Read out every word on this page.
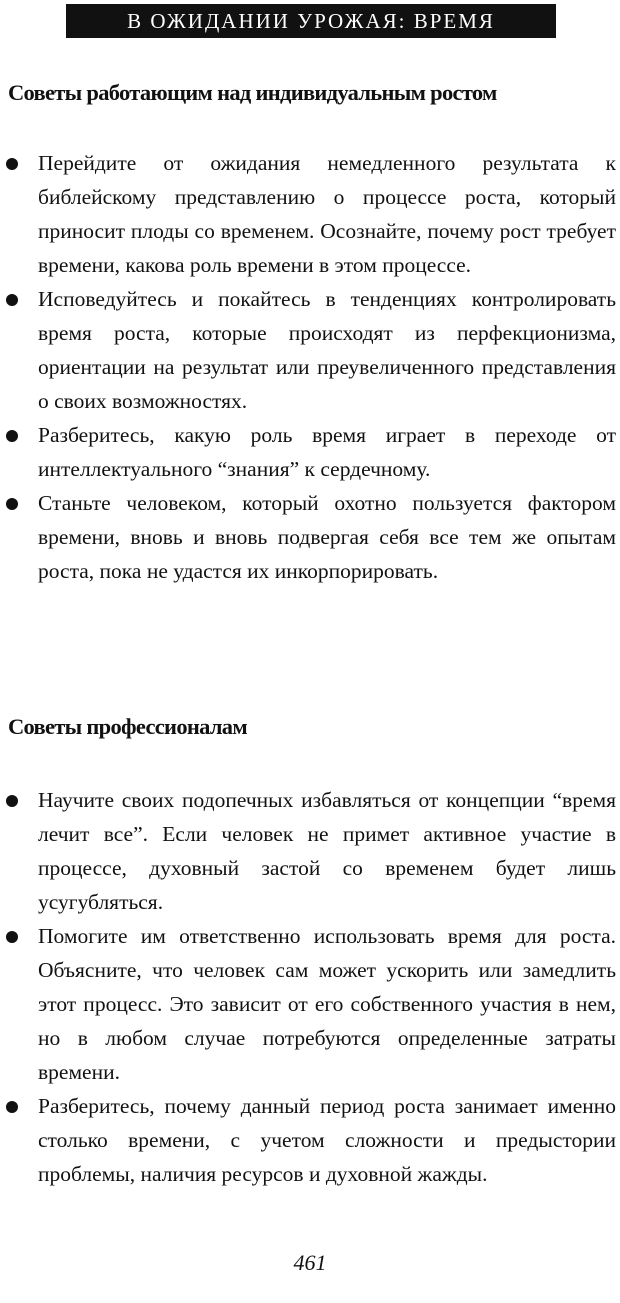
В ОЖИДАНИИ УРОЖАЯ: ВРЕМЯ
Советы работающим над индивидуальным ростом
Перейдите от ожидания немедленного результата к библейскому представлению о процессе роста, который приносит плоды со временем. Осознайте, почему рост требует времени, какова роль времени в этом процессе.
Исповедуйтесь и покайтесь в тенденциях контролировать время роста, которые происходят из перфекционизма, ориентации на результат или преувеличенного представления о своих возможностях.
Разберитесь, какую роль время играет в переходе от интеллектуального “знания” к сердечному.
Станьте человеком, который охотно пользуется фактором времени, вновь и вновь подвергая себя все тем же опытам роста, пока не удастся их инкорпорировать.
Советы профессионалам
Научите своих подопечных избавляться от концепции “время лечит все”. Если человек не примет активное участие в процессе, духовный застой со временем будет лишь усугубляться.
Помогите им ответственно использовать время для роста. Объясните, что человек сам может ускорить или замедлить этот процесс. Это зависит от его собственного участия в нем, но в любом случае потребуются определенные затраты времени.
Разберитесь, почему данный период роста занимает именно столько времени, с учетом сложности и предыстории проблемы, наличия ресурсов и духовной жажды.
461
